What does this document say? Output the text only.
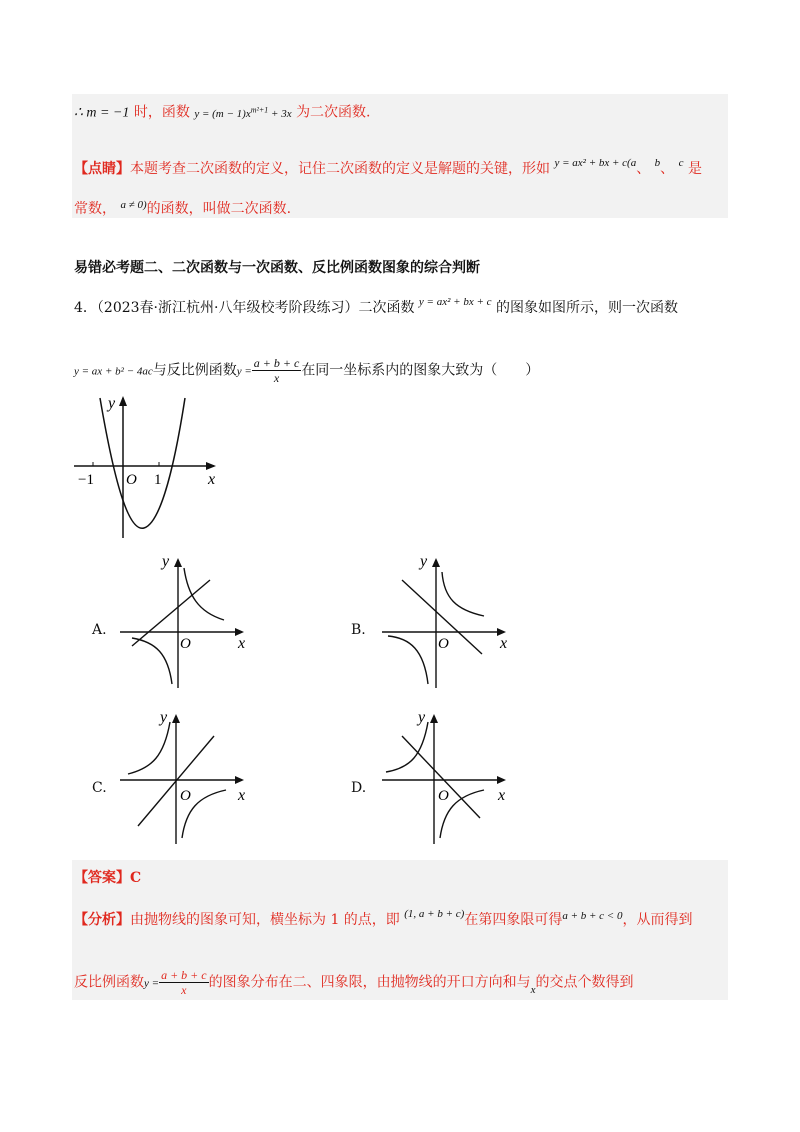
∴ m = −1 时，函数 $y = (m - 1)x^{m^2+1} + 3x$ 为二次函数.
【点睛】本题考查二次函数的定义，记住二次函数的定义是解题的关键，形如 $^{y = ax^2 + bx + c(a}$、 $^b$、 $^c$ 是
常数， $^{a \ne 0)}$的函数，叫做二次函数.
易错必考题二、二次函数与一次函数、反比例函数图象的综合判断
4．（2023春·浙江杭州·八年级校考阶段练习）二次函数 $^{y = ax^2 + bx + c}$ 的图象如图所示，则一次函数
y = ax + b² − 4ac与反比例函数$y = \frac{a + b + c}{x}$ 在同一坐标系内的图象大致为（　　）
y
x
O
−1	1
A.
y
x
O
B.
y
x
O
C.
y
x
O	D.
y
x
O
【答案】C
【分析】由抛物线的图象可知，横坐标为 1 的点，即 $^{(1, a + b + c)}$在第四象限可得$^{a + b + c < 0}$，从而得到
反比例函数$y = \frac{a + b + c}{x}$ 的图象分布在二、四象限，由抛物线的开口方向和与$_x$的交点个数得到
